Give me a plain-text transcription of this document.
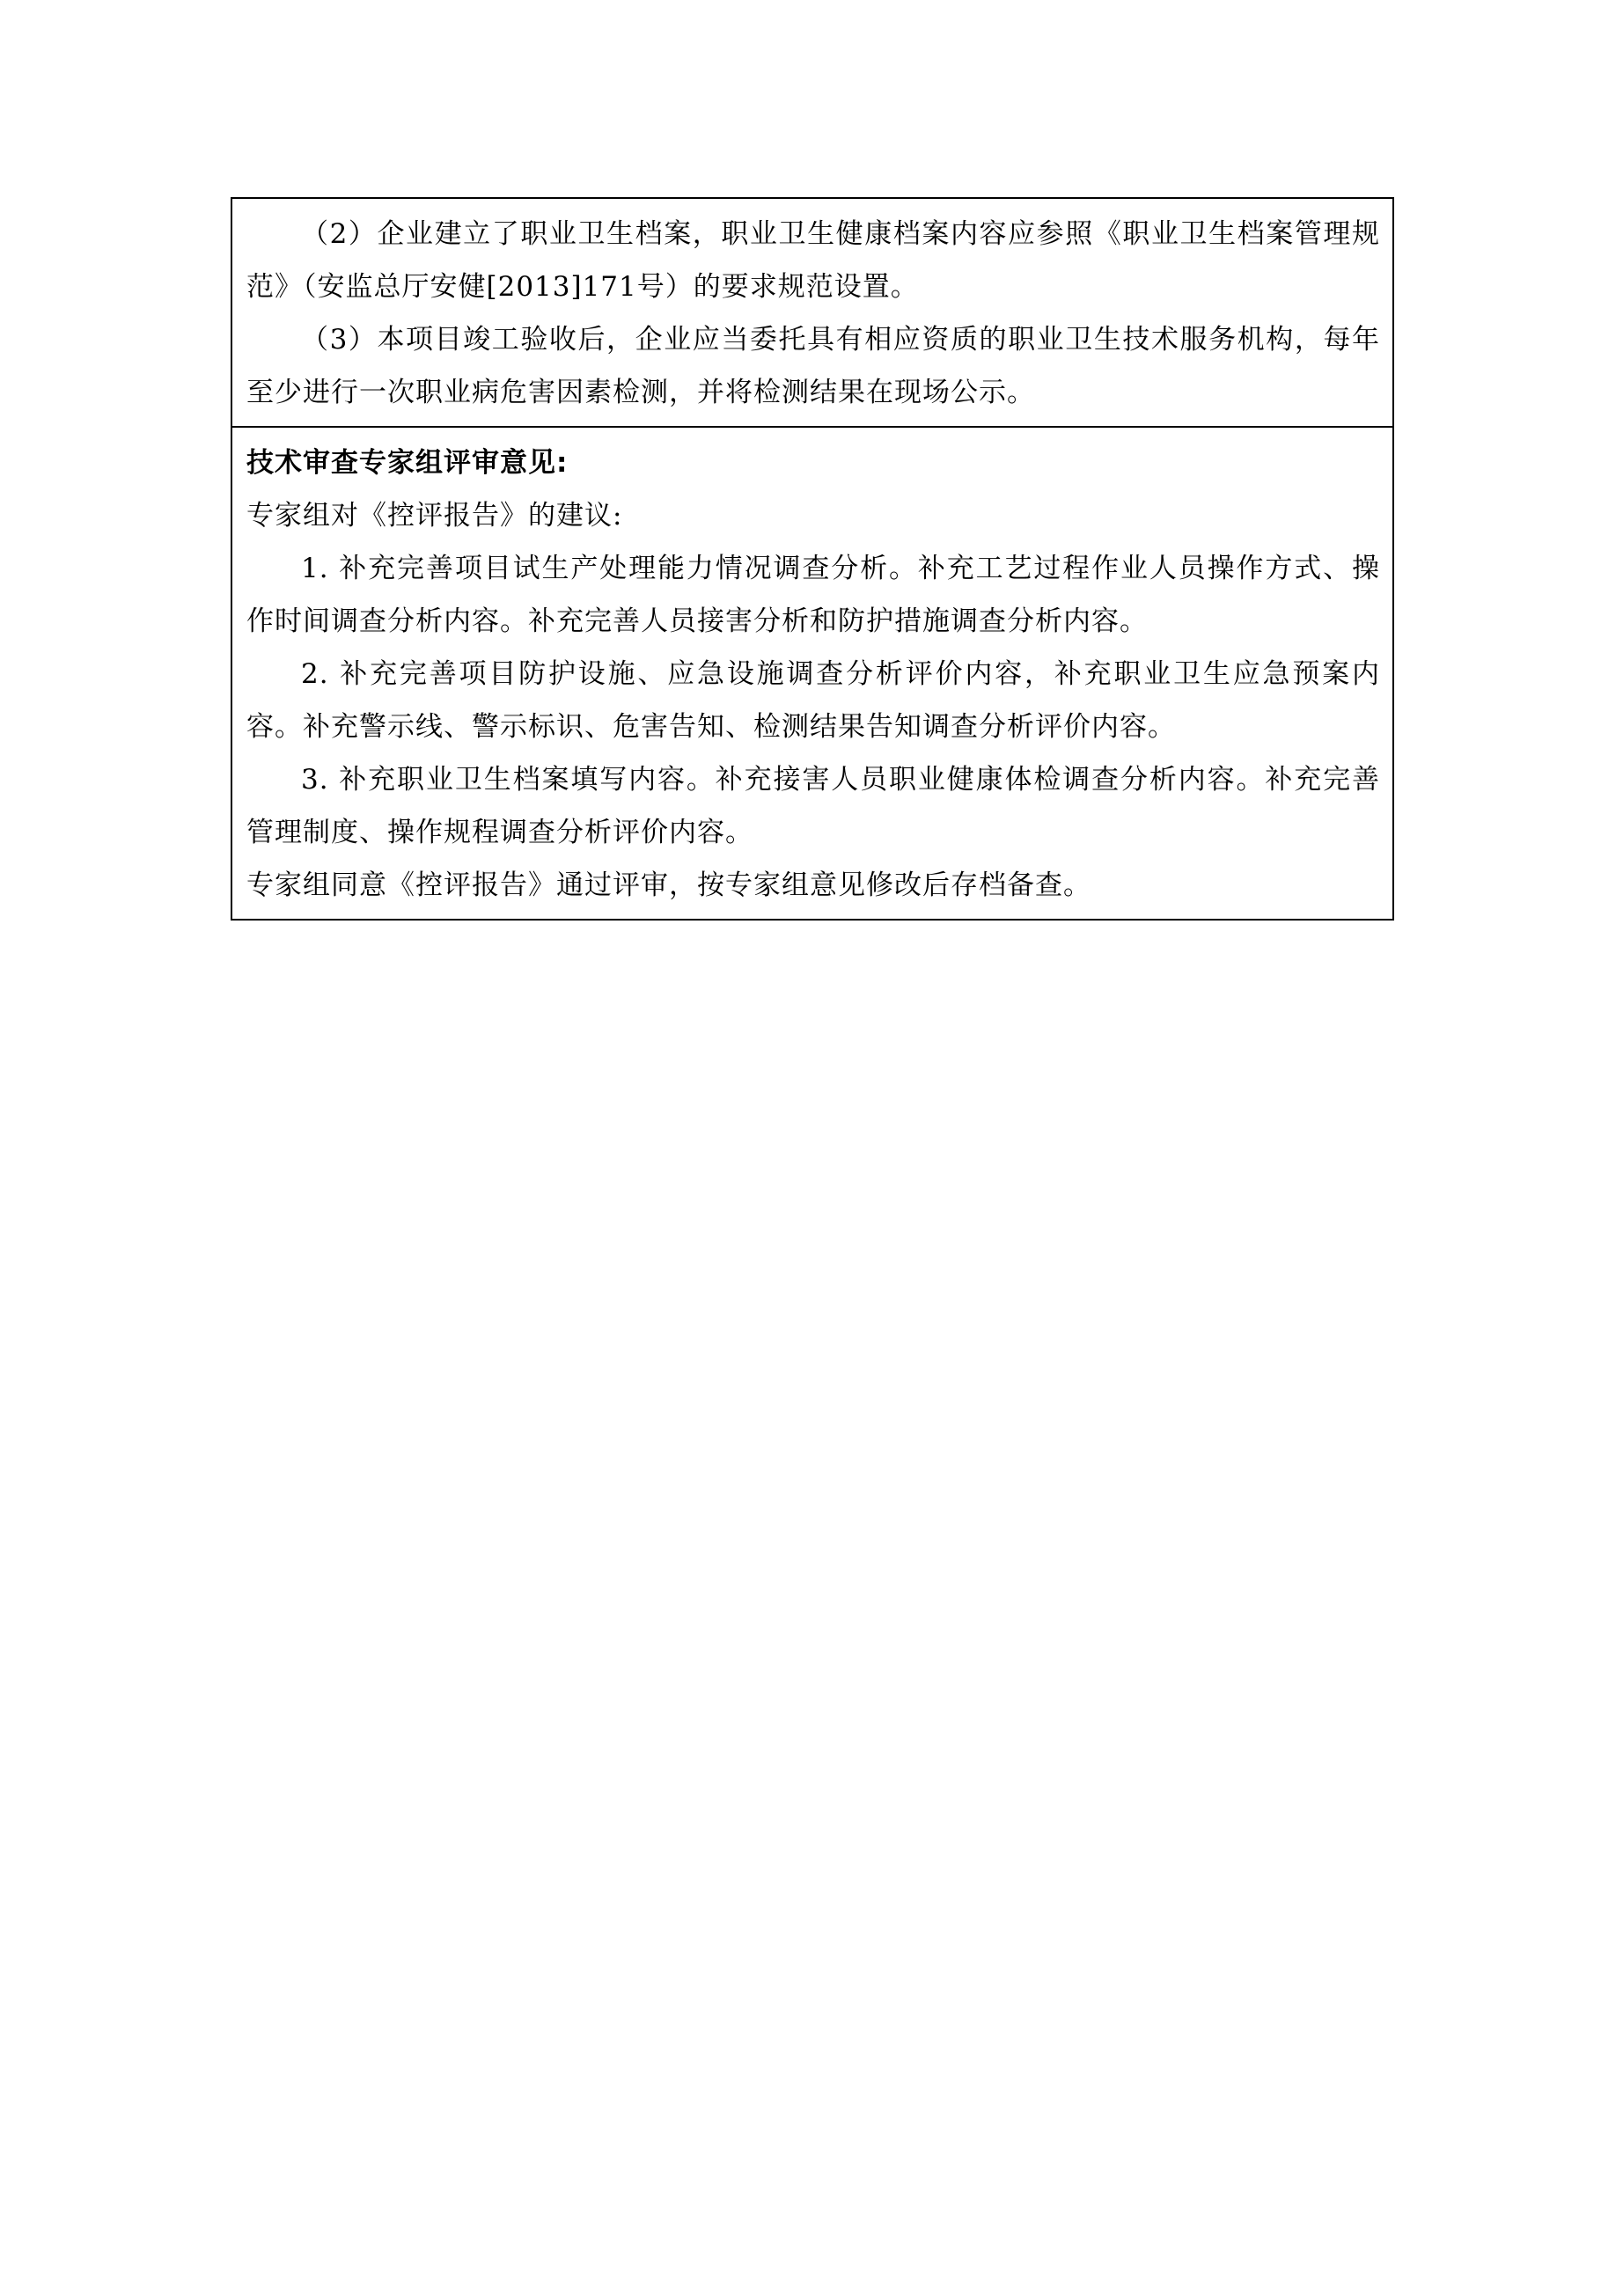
（2）企业建立了职业卫生档案，职业卫生健康档案内容应参照《职业卫生档案管理规范》（安监总厅安健[2013]171号）的要求规范设置。

（3）本项目竣工验收后，企业应当委托具有相应资质的职业卫生技术服务机构，每年至少进行一次职业病危害因素检测，并将检测结果在现场公示。

技术审查专家组评审意见:

专家组对《控评报告》的建议:

1. 补充完善项目试生产处理能力情况调查分析。补充工艺过程作业人员操作方式、操作时间调查分析内容。补充完善人员接害分析和防护措施调查分析内容。

2. 补充完善项目防护设施、应急设施调查分析评价内容，补充职业卫生应急预案内容。补充警示线、警示标识、危害告知、检测结果告知调查分析评价内容。

3. 补充职业卫生档案填写内容。补充接害人员职业健康体检调查分析内容。补充完善管理制度、操作规程调查分析评价内容。

专家组同意《控评报告》通过评审，按专家组意见修改后存档备查。
